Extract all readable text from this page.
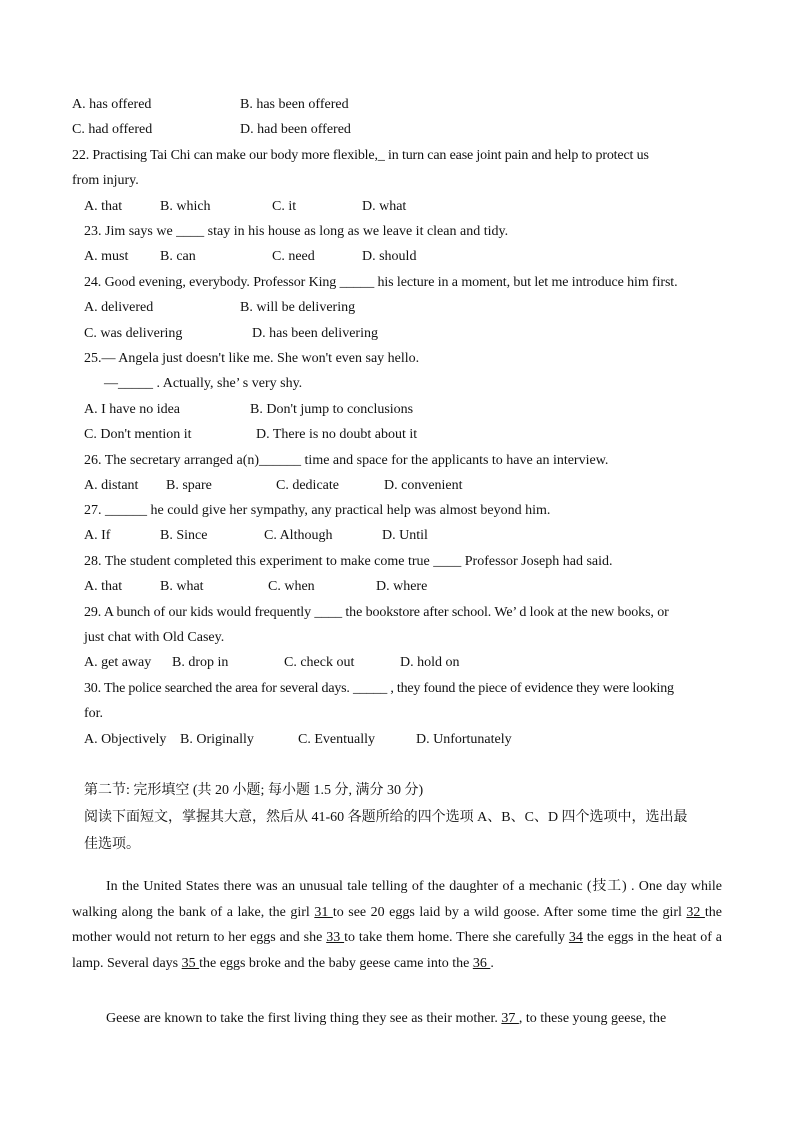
A. has offered	B. has been offered
C. had offered	D. had been offered
22. Practising Tai Chi can make our body more flexible,_ in turn can ease joint pain and help to protect us
from injury.
A. that	B. which	C. it	D. what
23. Jim says we ____ stay in his house as long as we leave it clean and tidy.
A. must B. can	C. need	D. should
24. Good evening, everybody. Professor King _____ his lecture in a moment, but let me introduce him first.
A. delivered	B. will be delivering
C. was delivering	D. has been delivering
25.— Angela just doesn't like me. She won't even say hello.
—_____ . Actually, she’ s very shy.
A. I have no idea	B. Don't jump to conclusions
C. Don't mention it	D. There is no doubt about it
26. The secretary arranged a(n)______ time and space for the applicants to have an interview.
A. distant B. spare	C. dedicate	D. convenient
27. ______ he could give her sympathy, any practical help was almost beyond him.
A. If	B. Since	C. Although	D. Until
28. The student completed this experiment to make come true ____ Professor Joseph had said.
A. that	B. what	C. when	D. where
29. A bunch of our kids would frequently ____ the bookstore after school. We’ d look at the new books, or
just chat with Old Casey.
A. get away B. drop in	C. check out	D. hold on
30. The police searched the area for several days. _____ , they found the piece of evidence they were looking
for.
A. Objectively B. Originally	C. Eventually	D. Unfortunately
第二节: 完形填空 (共 20 小题; 每小题 1.5 分, 满分 30 分)
阅读下面短文，掌握其大意，然后从 41-60 各题所给的四个选项 A、B、C、D 四个选项中，选出最
佳选项。
In the United States there was an unusual tale telling of the daughter of a mechanic (技工) . One day while walking along the bank of a lake, the girl 31 to see 20 eggs laid by a wild goose. After some time the girl 32 the mother would not return to her eggs and she 33 to take them home. There she carefully 34 the eggs in the heat of a lamp. Several days 35 the eggs broke and the baby geese came into the 36 .
Geese are known to take the first living thing they see as their mother. 37 , to these young geese, the
